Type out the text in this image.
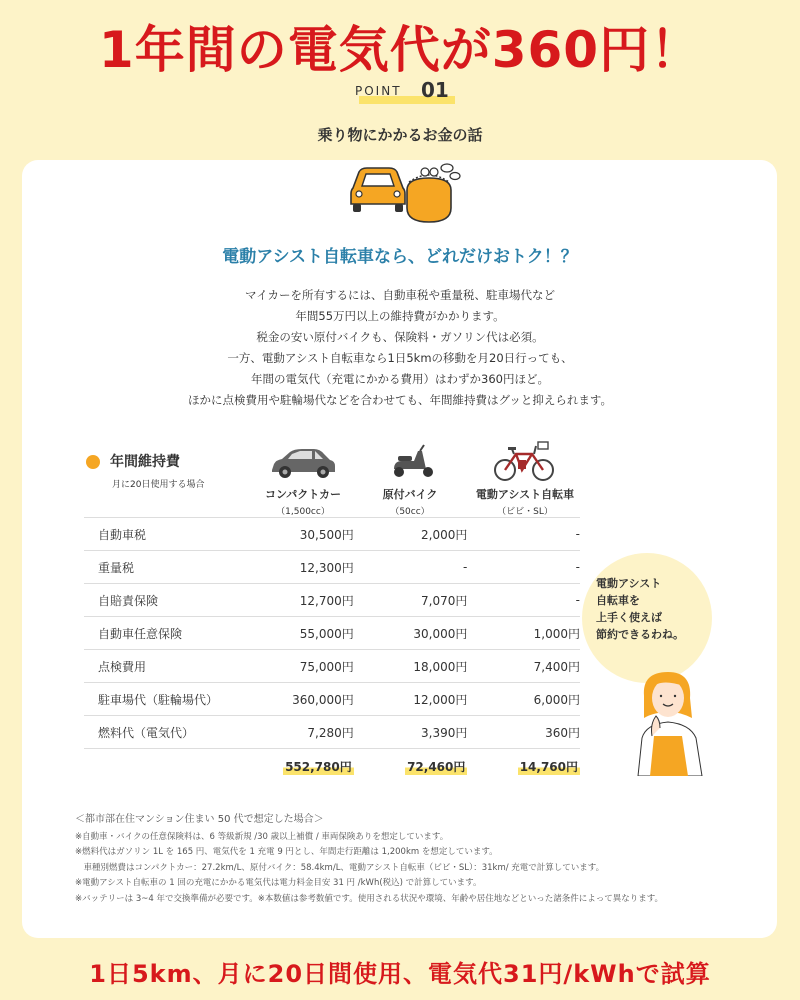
1年間の電気代が360円！
POINT 01
乗り物にかかるお金の話
電動アシスト自転車なら、どれだけおトク！？
マイカーを所有するには、自動車税や重量税、駐車場代など
年間55万円以上の維持費がかかります。
税金の安い原付バイクも、保険料・ガソリン代は必須。
一方、電動アシスト自転車なら1日5kmの移動を月20日行っても、
年間の電気代（充電にかかる費用）はわずか360円ほど。
ほかに点検費用や駐輪場代などを合わせても、年間維持費はグッと抑えられます。
年間維持費
月に20日使用する場合
コンパクトカー
（1,500cc）
原付バイク
（50cc）
電動アシスト自転車
（ビビ・SL）
自動車税	30,500円	2,000円	-
重量税	12,300円	-	-
自賠責保険	12,700円	7,070円	-
自動車任意保険	55,000円	30,000円	1,000円
点検費用	75,000円	18,000円	7,400円
駐車場代（駐輪場代）	360,000円	12,000円	6,000円
燃料代（電気代）	7,280円	3,390円	360円
	552,780円	72,460円	14,760円
電動アシスト
自転車を
上手く使えば
節約できるわね。
＜都市部在住マンション住まい 50 代で想定した場合＞
※自動車・バイクの任意保険料は、6 等級新規 /30 歳以上補償 / 車両保険ありを想定しています。
※燃料代はガソリン 1L を 165 円、電気代を 1 充電 9 円とし、年間走行距離は 1,200km を想定しています。
　車種別燃費はコンパクトカー：27.2km/L、原付バイク：58.4km/L、電動アシスト自転車（ビビ・SL）：31km/ 充電で計算しています。
※電動アシスト自転車の 1 回の充電にかかる電気代は電力料金目安 31 円 /kWh(税込) で計算しています。
※バッテリーは 3~4 年で交換準備が必要です。※本数値は参考数値です。使用される状況や環境、年齢や居住地などといった諸条件によって異なります。
1日5km、月に20日間使用、電気代31円/kWhで試算
